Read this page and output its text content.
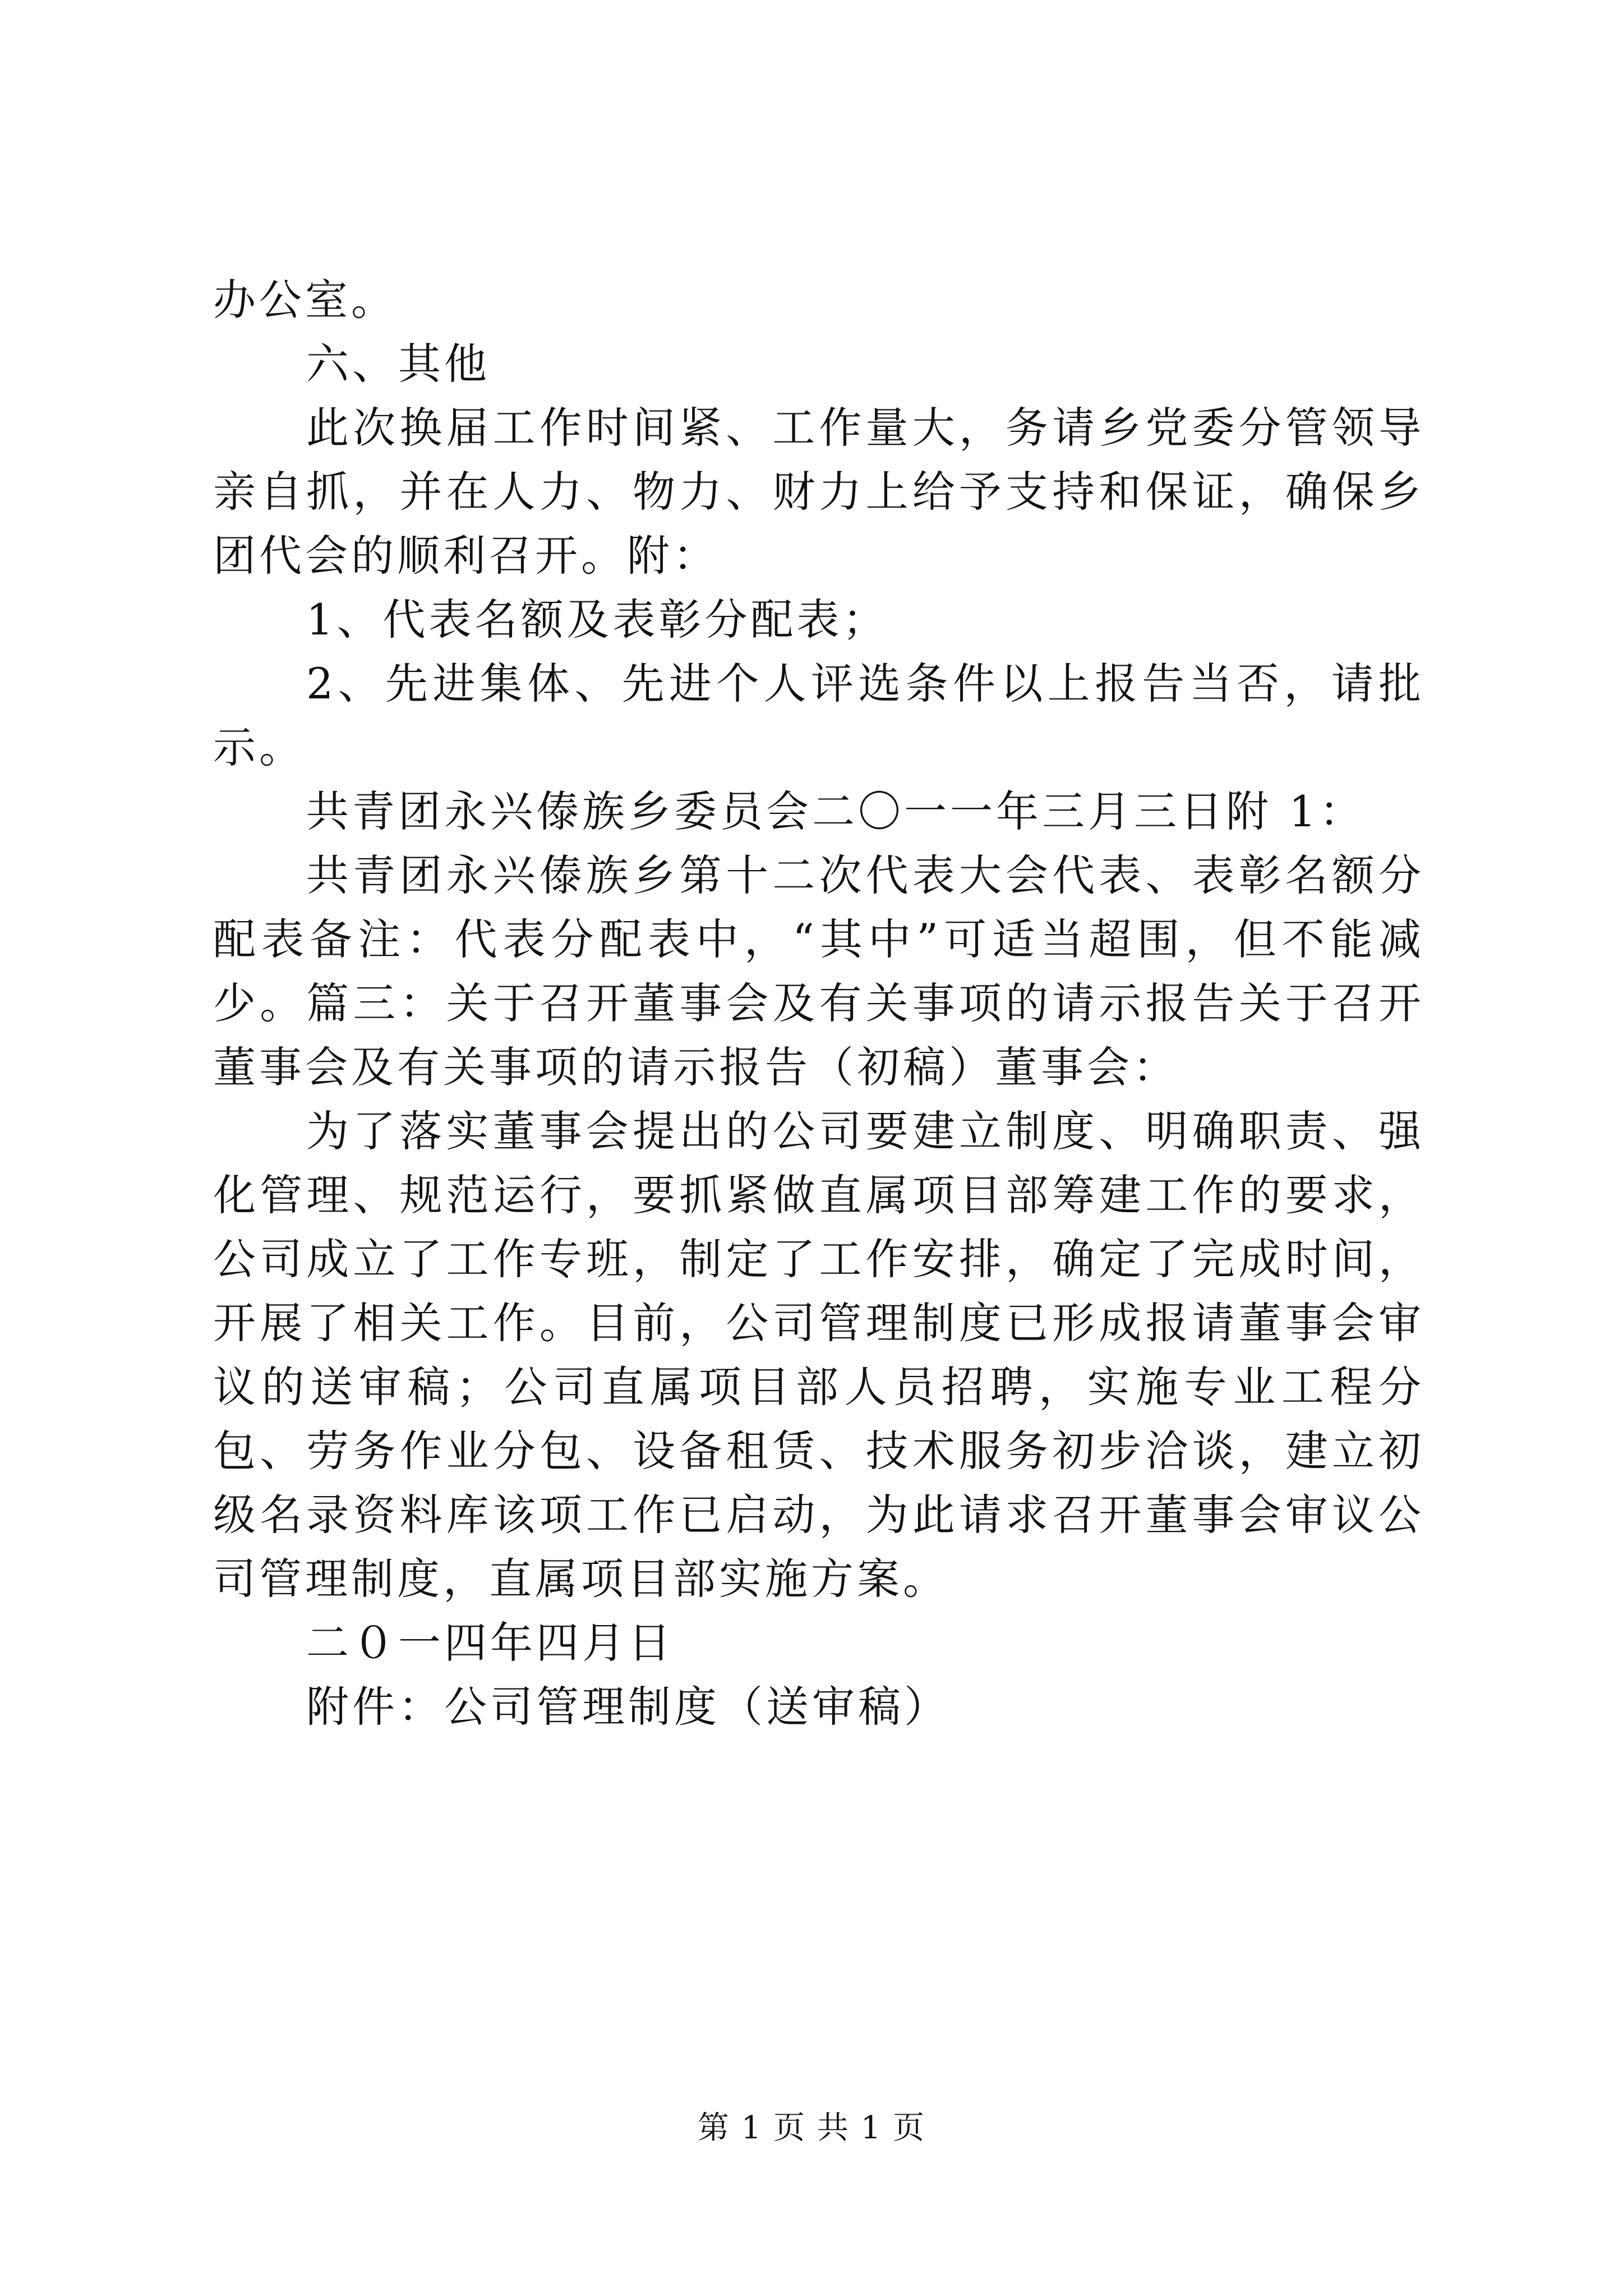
办公室。

六、其他

此次换届工作时间紧、工作量大，务请乡党委分管领导亲自抓，并在人力、物力、财力上给予支持和保证，确保乡团代会的顺利召开。附：

1、代表名额及表彰分配表；

2、先进集体、先进个人评选条件以上报告当否，请批示。

共青团永兴傣族乡委员会二〇一一年三月三日附 1：

共青团永兴傣族乡第十二次代表大会代表、表彰名额分配表备注：代表分配表中，“其中”可适当超围，但不能减少。篇三：关于召开董事会及有关事项的请示报告关于召开董事会及有关事项的请示报告（初稿）董事会：

为了落实董事会提出的公司要建立制度、明确职责、强化管理、规范运行，要抓紧做直属项目部筹建工作的要求，公司成立了工作专班，制定了工作安排，确定了完成时间，开展了相关工作。目前，公司管理制度已形成报请董事会审议的送审稿；公司直属项目部人员招聘，实施专业工程分包、劳务作业分包、设备租赁、技术服务初步洽谈，建立初级名录资料库该项工作已启动，为此请求召开董事会审议公司管理制度，直属项目部实施方案。

二０一四年四月日

附件：公司管理制度（送审稿）

第 1 页 共 1 页
